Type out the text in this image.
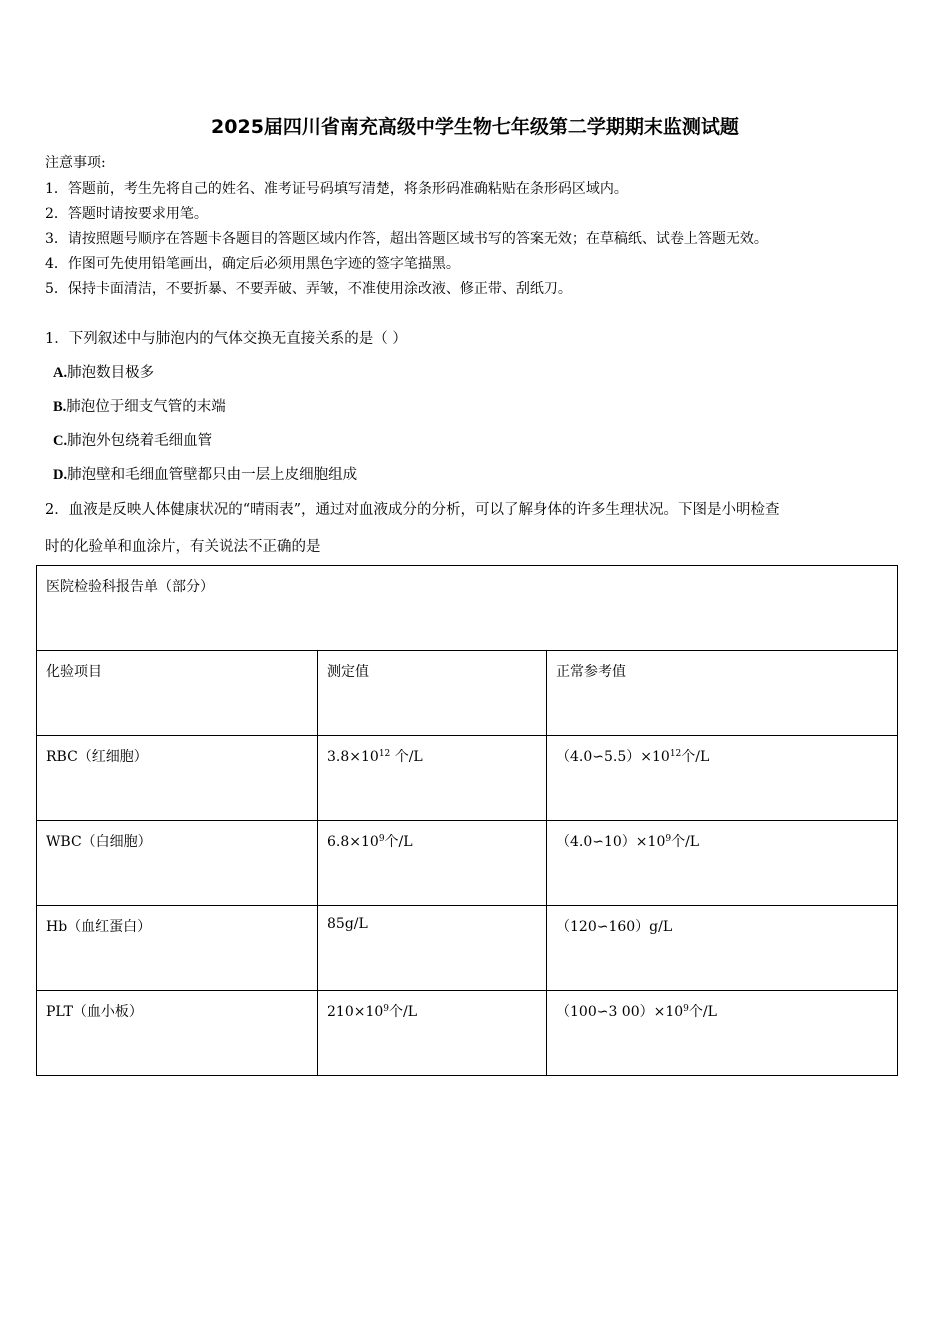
2025届四川省南充高级中学生物七年级第二学期期末监测试题
注意事项:
1．答题前，考生先将自己的姓名、准考证号码填写清楚，将条形码准确粘贴在条形码区域内。
2．答题时请按要求用笔。
3．请按照题号顺序在答题卡各题目的答题区域内作答，超出答题区域书写的答案无效；在草稿纸、试卷上答题无效。
4．作图可先使用铅笔画出，确定后必须用黑色字迹的签字笔描黑。
5．保持卡面清洁，不要折暴、不要弄破、弄皱，不准使用涂改液、修正带、刮纸刀。
1．下列叙述中与肺泡内的气体交换无直接关系的是（ ）
A.肺泡数目极多
B.肺泡位于细支气管的末端
C.肺泡外包绕着毛细血管
D.肺泡壁和毛细血管壁都只由一层上皮细胞组成
2．血液是反映人体健康状况的“晴雨表”，通过对血液成分的分析，可以了解身体的许多生理状况。下图是小明检查
时的化验单和血涂片，有关说法不正确的是
医院检验科报告单（部分）		
化验项目	测定值	正常参考值
RBC（红细胞）	$3.8\times 10^{12}$ 个/L	$(4.0∽5.5)\times 10^{12}$个/L
WBC（白细胞）	$6.8\times 10^9$个/L	$(4.0∽10)\times 10^9$个/L
Hb（血红蛋白）	85g/L	（120∽160）g/L
PLT（血小板）	$210\times 10^9$个/L	（100∽3 $00)\times 10^9$个/L
